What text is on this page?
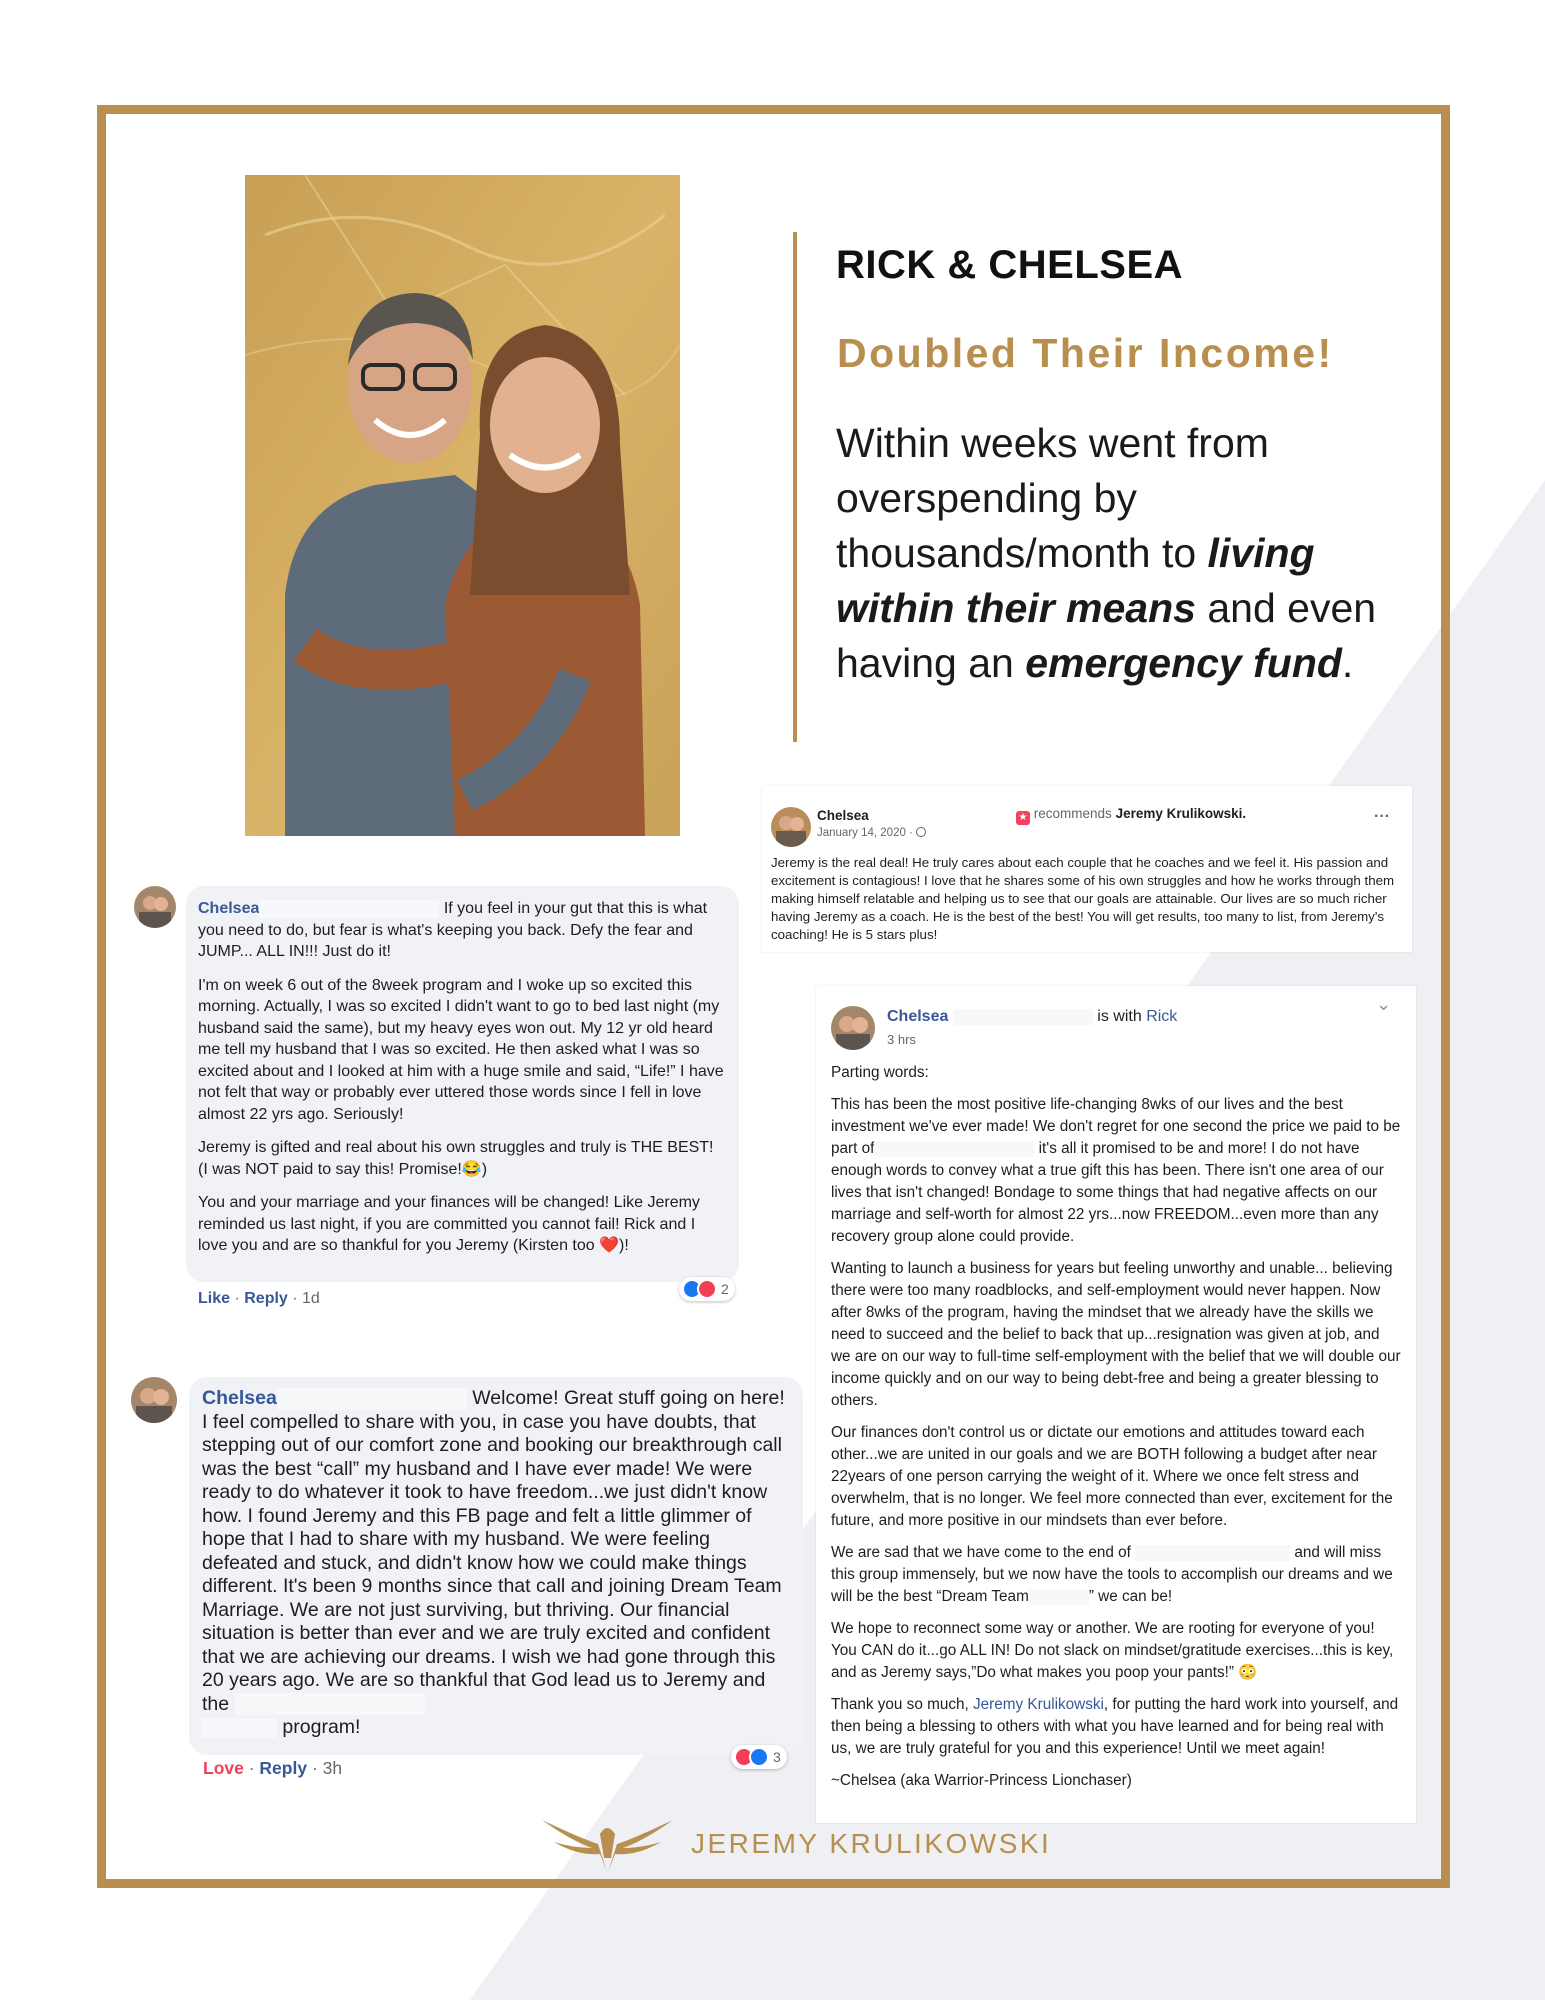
RICK & CHELSEA
Doubled Their Income!
Within weeks went from overspending by thousands/month to living within their means and even having an emergency fund.
Chelsea	★ recommends Jeremy Krulikowski.
January 14, 2020 ·
···
Jeremy is the real deal! He truly cares about each couple that he coaches and we feel it. His passion and excitement is contagious! I love that he shares some of his own struggles and how he works through them making himself relatable and helping us to see that our goals are attainable. Our lives are so much richer having Jeremy as a coach. He is the best of the best! You will get results, too many to list, from Jeremy's coaching! He is 5 stars plus!

Chelsea	If you feel in your gut that this is what you need to do, but fear is what's keeping you back. Defy the fear and JUMP... ALL IN!!! Just do it!

I'm on week 6 out of the 8week program and I woke up so excited this morning. Actually, I was so excited I didn't want to go to bed last night (my husband said the same), but my heavy eyes won out. My 12 yr old heard me tell my husband that I was so excited. He then asked what I was so excited about and I looked at him with a huge smile and said, “Life!” I have not felt that way or probably ever uttered those words since I fell in love almost 22 yrs ago. Seriously!

Jeremy is gifted and real about his own struggles and truly is THE BEST! (I was NOT paid to say this! Promise!😂)

You and your marriage and your finances will be changed! Like Jeremy reminded us last night, if you are committed you cannot fail! Rick and I love you and are so thankful for you Jeremy (Kirsten too ❤️)!

2
Like · Reply · 1d
Chelsea	is with Rick
3 hrs
⌄

Parting words:

This has been the most positive life-changing 8wks of our lives and the best investment we've ever made! We don't regret for one second the price we paid to be part of	it's all it promised to be and more! I do not have enough words to convey what a true gift this has been. There isn't one area of our lives that isn't changed! Bondage to some things that had negative affects on our marriage and self-worth for almost 22 yrs...now FREEDOM...even more than any recovery group alone could provide.

Wanting to launch a business for years but feeling unworthy and unable... believing there were too many roadblocks, and self-employment would never happen. Now after 8wks of the program, having the mindset that we already have the skills we need to succeed and the belief to back that up...resignation was given at job, and we are on our way to full-time self-employment with the belief that we will double our income quickly and on our way to being debt-free and being a greater blessing to others.

Our finances don't control us or dictate our emotions and attitudes toward each other...we are united in our goals and we are BOTH following a budget after near 22years of one person carrying the weight of it. Where we once felt stress and overwhelm, that is no longer. We feel more connected than ever, excitement for the future, and more positive in our mindsets than ever before.

We are sad that we have come to the end of	and will miss this group immensely, but we now have the tools to accomplish our dreams and we will be the best “Dream Team	” we can be!

We hope to reconnect some way or another. We are rooting for everyone of you! You CAN do it...go ALL IN! Do not slack on mindset/gratitude exercises...this is key, and as Jeremy says,”Do what makes you poop your pants!” 😳

Thank you so much, Jeremy Krulikowski, for putting the hard work into yourself, and then being a blessing to others with what you have learned and for being real with us, we are truly grateful for you and this experience! Until we meet again!

~Chelsea (aka Warrior-Princess Lionchaser)

Chelsea	Welcome! Great stuff going on here! I feel compelled to share with you, in case you have doubts, that stepping out of our comfort zone and booking our breakthrough call was the best “call” my husband and I have ever made! We were ready to do whatever it took to have freedom...we just didn't know how. I found Jeremy and this FB page and felt a little glimmer of hope that I had to share with my husband. We were feeling defeated and stuck, and didn't know how we could make things different. It's been 9 months since that call and joining Dream Team Marriage. We are not just surviving, but thriving. Our financial situation is better than ever and we are truly excited and confident that we are achieving our dreams. I wish we had gone through this 20 years ago. We are so thankful that God lead us to Jeremy and the
program!
3
Love · Reply · 3h
JEREMY KRULIKOWSKI
